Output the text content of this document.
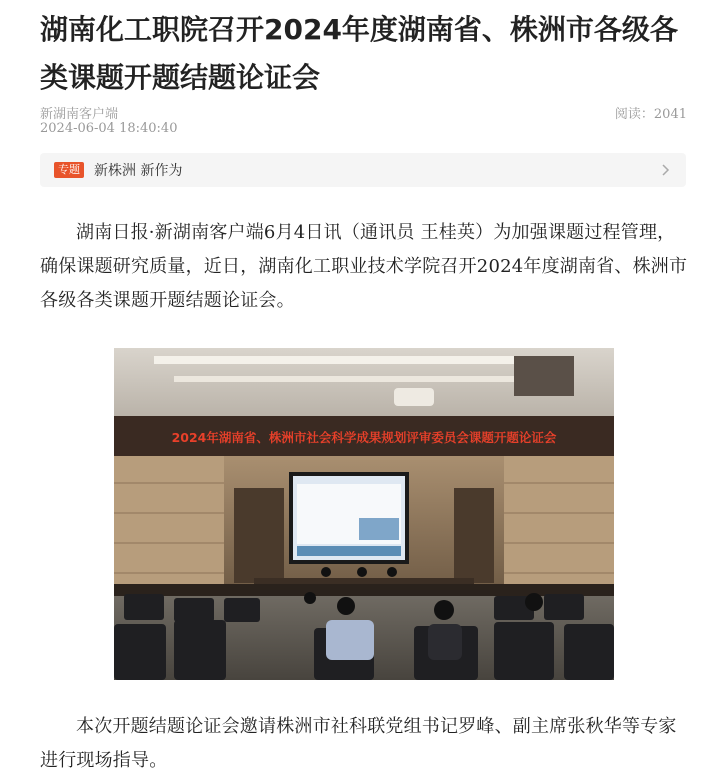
湖南化工职院召开2024年度湖南省、株洲市各级各类课题开题结题论证会
新湖南客户端
2024-06-04 18:40:40
阅读：2041
专题 新株洲 新作为

湖南日报·新湖南客户端6月4日讯（通讯员 王桂英）为加强课题过程管理，确保课题研究质量，近日，湖南化工职业技术学院召开2024年度湖南省、株洲市各级各类课题开题结题论证会。

2024年湖南省、株洲市社会科学成果规划评审委员会课题开题论证会

本次开题结题论证会邀请株洲市社科联党组书记罗峰、副主席张秋华等专家进行现场指导。
